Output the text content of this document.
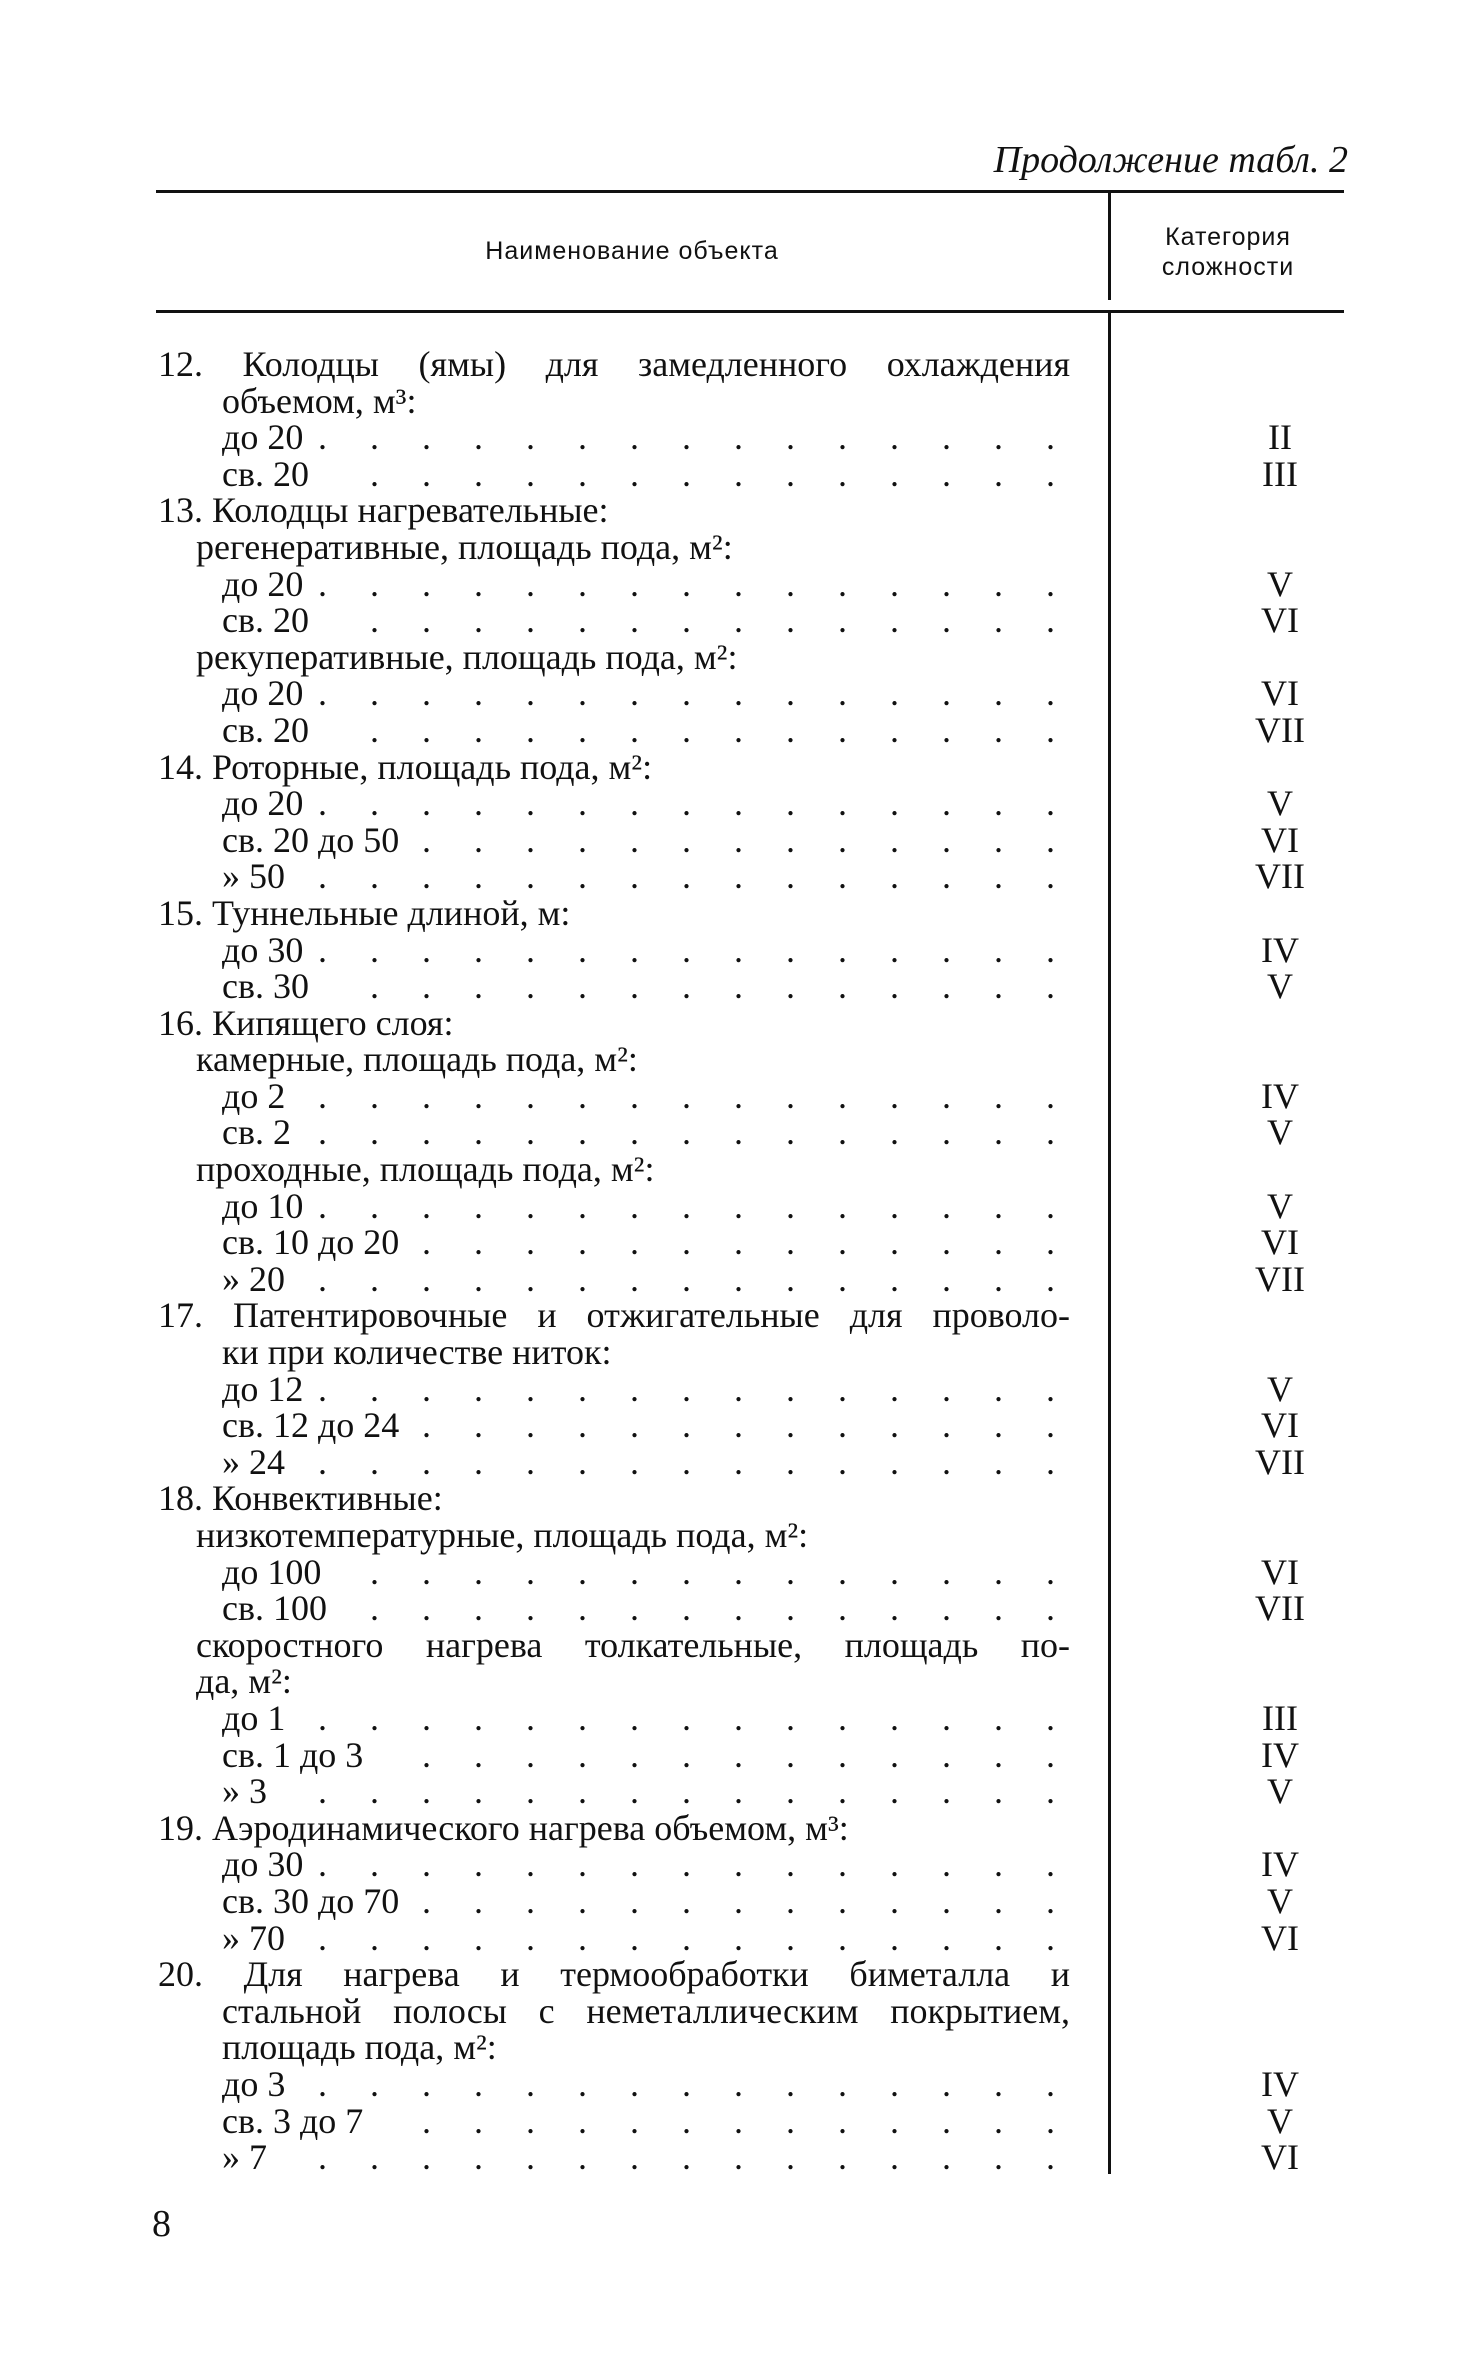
Продолжение табл. 2
Наименование объекта	Категория
сложности
12. Колодцы (ямы) для замедленного охлаждения
объемом, м³:
до 20 . . . . . . . . . . . . . . .	II
св. 20 . . . . . . . . . . . . . .	III
13. Колодцы нагревательные:
регенеративные, площадь пода, м²:
до 20 . . . . . . . . . . . . . . .	V
св. 20 . . . . . . . . . . . . . .	VI
рекуперативные, площадь пода, м²:
до 20 . . . . . . . . . . . . . . .	VI
св. 20 . . . . . . . . . . . . . .	VII
14. Роторные, площадь пода, м²:
до 20 . . . . . . . . . . . . . . .	V
св. 20 до 50 . . . . . . . . . . . . .	VI
» 50 . . . . . . . . . . . . . . .	VII
15. Туннельные длиной, м:
до 30 . . . . . . . . . . . . . . .	IV
св. 30 . . . . . . . . . . . . . .	V
16. Кипящего слоя:
камерные, площадь пода, м²:
до 2 . . . . . . . . . . . . . . .	IV
св. 2 . . . . . . . . . . . . . . .	V
проходные, площадь пода, м²:
до 10 . . . . . . . . . . . . . . .	V
св. 10 до 20 . . . . . . . . . . . . .	VI
» 20 . . . . . . . . . . . . . . .	VII
17. Патентировочные и отжигательные для проволо-
ки при количестве ниток:
до 12 . . . . . . . . . . . . . . .	V
св. 12 до 24 . . . . . . . . . . . . .	VI
» 24 . . . . . . . . . . . . . . .	VII
18. Конвективные:
низкотемпературные, площадь пода, м²:
до 100 . . . . . . . . . . . . . .	VI
св. 100 . . . . . . . . . . . . . .	VII
скоростного нагрева толкательные, площадь по-
да, м²:
до 1 . . . . . . . . . . . . . . .	III
св. 1 до 3 . . . . . . . . . . . . .	IV
» 3 . . . . . . . . . . . . . . .	V
19. Аэродинамического нагрева объемом, м³:
до 30 . . . . . . . . . . . . . . .	IV
св. 30 до 70 . . . . . . . . . . . . .	V
» 70 . . . . . . . . . . . . . . .	VI
20. Для нагрева и термообработки биметалла и
стальной полосы с неметаллическим покрытием,
площадь пода, м²:
до 3 . . . . . . . . . . . . . . .	IV
св. 3 до 7 . . . . . . . . . . . . .	V
» 7 . . . . . . . . . . . . . . .	VI
8
